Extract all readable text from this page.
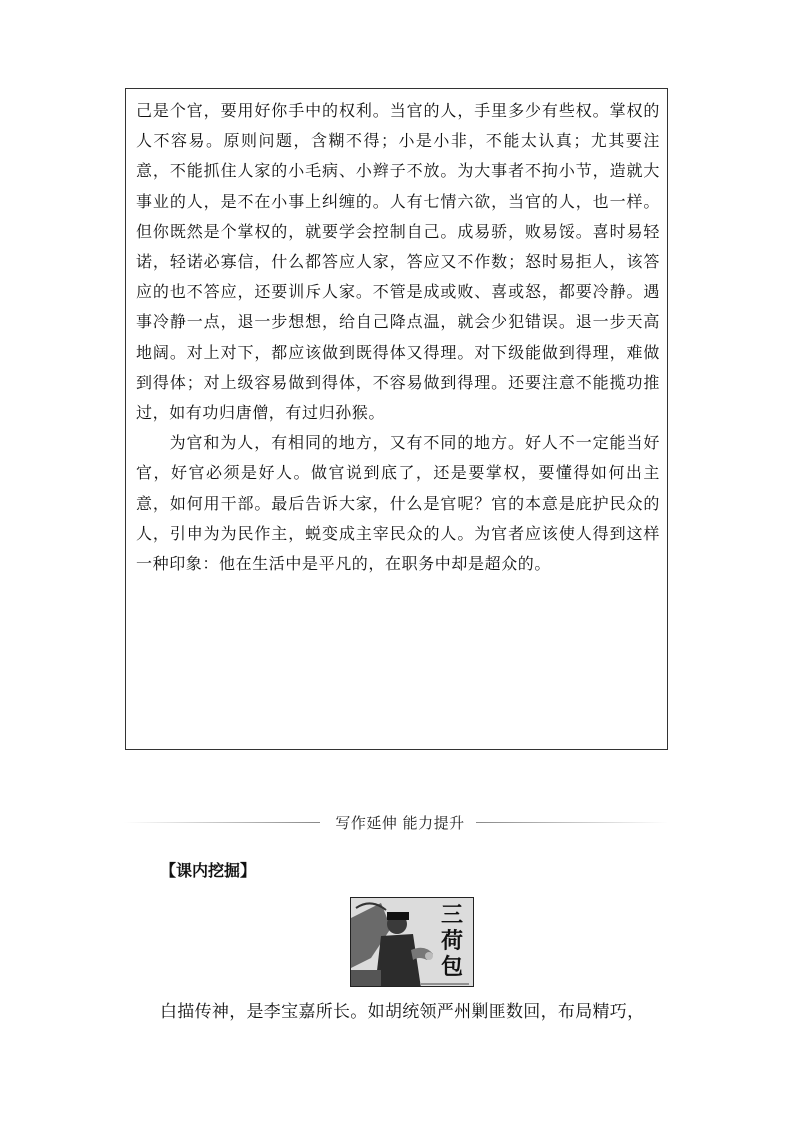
己是个官，要用好你手中的权利。当官的人，手里多少有些权。掌权的人不容易。原则问题，含糊不得；小是小非，不能太认真；尤其要注意，不能抓住人家的小毛病、小辫子不放。为大事者不拘小节，造就大事业的人，是不在小事上纠缠的。人有七情六欲，当官的人，也一样。但你既然是个掌权的，就要学会控制自己。成易骄，败易馁。喜时易轻诺，轻诺必寡信，什么都答应人家，答应又不作数；怒时易拒人，该答应的也不答应，还要训斥人家。不管是成或败、喜或怒，都要冷静。遇事冷静一点，退一步想想，给自己降点温，就会少犯错误。退一步天高地阔。对上对下，都应该做到既得体又得理。对下级能做到得理，难做到得体；对上级容易做到得体，不容易做到得理。还要注意不能揽功推过，如有功归唐僧，有过归孙猴。

为官和为人，有相同的地方，又有不同的地方。好人不一定能当好官，好官必须是好人。做官说到底了，还是要掌权，要懂得如何出主意，如何用干部。最后告诉大家，什么是官呢？官的本意是庇护民众的人，引申为为民作主，蜕变成主宰民众的人。为官者应该使人得到这样一种印象：他在生活中是平凡的，在职务中却是超众的。

写作延伸 能力提升
【课内挖掘】
三荷包
白描传神，是李宝嘉所长。如胡统领严州剿匪数回，布局精巧，
